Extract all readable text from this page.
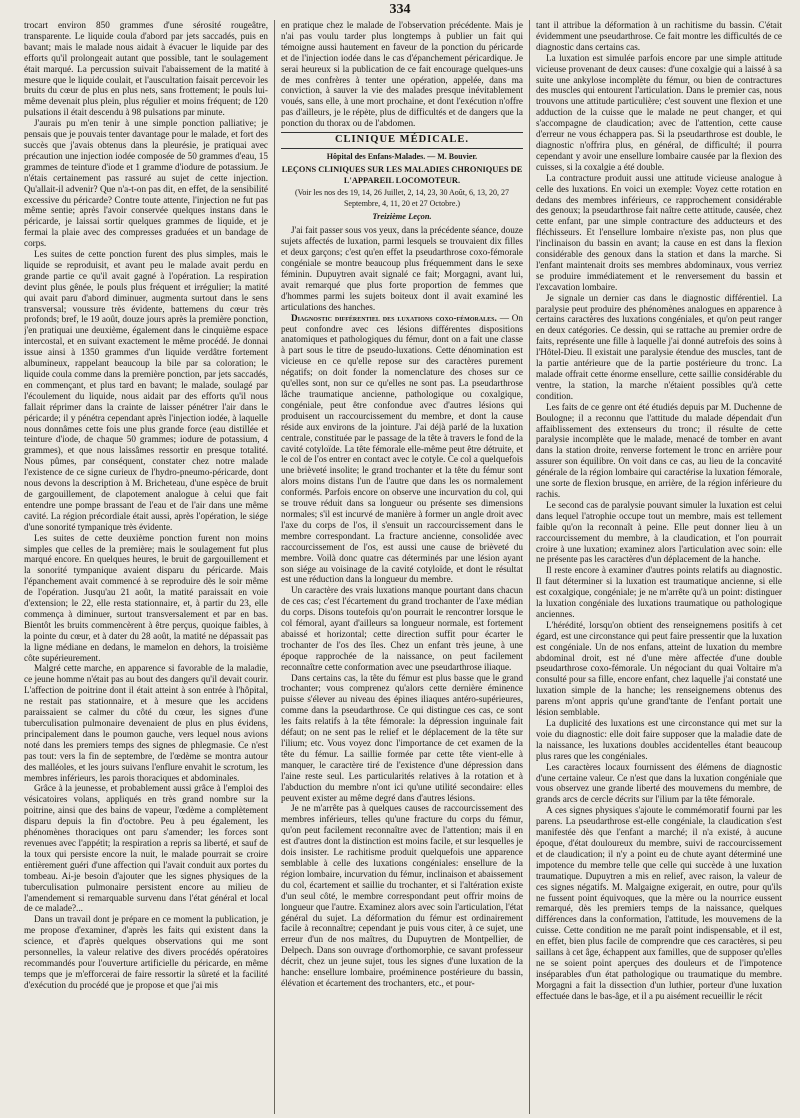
334

trocart environ 850 grammes d'une sérosité rougeâtre, transparente. Le liquide coula d'abord par jets saccadés, puis en bavant; mais le malade nous aidait à évacuer le liquide par des efforts qu'il prolongeait autant que possible, tant le soulagement était marqué. La percussion suivait l'abaissement de la matité à mesure que le liquide coulait, et l'auscultation faisait percevoir les bruits du cœur de plus en plus nets, sans frottement; le pouls lui-même devenait plus plein, plus régulier et moins fréquent; de 120 pulsations il était descendu à 98 pulsations par minute.

J'aurais pu m'en tenir à une simple ponction palliative; je pensais que je pouvais tenter davantage pour le malade, et fort des succès que j'avais obtenus dans la pleurésie, je pratiquai avec précaution une injection iodée composée de 50 grammes d'eau, 15 grammes de teinture d'iode et 1 gramme d'iodure de potassium. Je n'étais certainement pas rassuré au sujet de cette injection. Qu'allait-il advenir? Que n'a-t-on pas dit, en effet, de la sensibilité excessive du péricarde? Contre toute attente, l'injection ne fut pas même sentie; après l'avoir conservée quelques instans dans le péricarde, je laissai sortir quelques grammes de liquide, et je fermai la plaie avec des compresses graduées et un bandage de corps.

Les suites de cette ponction furent des plus simples, mais le liquide se reproduisit, et avant peu le malade avait perdu en grande partie ce qu'il avait gagné à l'opération. La respiration devint plus gênée, le pouls plus fréquent et irrégulier; la matité qui avait paru d'abord diminuer, augmenta surtout dans le sens transversal; voussure très évidente, battemens du cœur très profonds; bref, le 19 août, douze jours après la première ponction, j'en pratiquai une deuxième, également dans le cinquième espace intercostal, et en suivant exactement le même procédé. Je donnai issue ainsi à 1350 grammes d'un liquide verdâtre fortement albumineux, rappelant beaucoup la bile par sa coloration; le liquide coula comme dans la première ponction, par jets saccadés, en commençant, et plus tard en bavant; le malade, soulagé par l'écoulement du liquide, nous aidait par des efforts qu'il nous fallait réprimer dans la crainte de laisser pénétrer l'air dans le péricarde; il y pénétra cependant après l'injection iodée, à laquelle nous donnâmes cette fois une plus grande force (eau distillée et teinture d'iode, de chaque 50 grammes; iodure de potassium, 4 grammes), et que nous laissâmes ressortir en presque totalité. Nous pûmes, par conséquent, constater chez notre malade l'existence de ce signe curieux de l'hydro-pneumo-péricarde, dont nous devons la description à M. Bricheteau, d'une espèce de bruit de gargouillement, de clapotement analogue à celui que fait entendre une pompe brassant de l'eau et de l'air dans une même cavité. La région précordiale était aussi, après l'opération, le siége d'une sonorité tympanique très évidente.

Les suites de cette deuxième ponction furent non moins simples que celles de la première; mais le soulagement fut plus marqué encore. En quelques heures, le bruit de gargouillement et la sonorité tympanique avaient disparu du péricarde. Mais l'épanchement avait commencé à se reproduire dès le soir même de l'opération. Jusqu'au 21 août, la matité paraissait en voie d'extension; le 22, elle resta stationnaire, et, à partir du 23, elle commença à diminuer, surtout transversalement et par en bas. Bientôt les bruits commencèrent à être perçus, quoique faibles, à la pointe du cœur, et à dater du 28 août, la matité ne dépassait pas la ligne médiane en dedans, le mamelon en dehors, la troisième côte supérieurement.

Malgré cette marche, en apparence si favorable de la maladie, ce jeune homme n'était pas au bout des dangers qu'il devait courir. L'affection de poitrine dont il était atteint à son entrée à l'hôpital, ne restait pas stationnaire, et à mesure que les accidens paraissaient se calmer du côté du cœur, les signes d'une tuberculisation pulmonaire devenaient de plus en plus évidens, principalement dans le poumon gauche, vers lequel nous avions noté dans les premiers temps des signes de phlegmasie. Ce n'est pas tout: vers la fin de septembre, de l'œdème se montra autour des malléoles, et les jours suivans l'enflure envahit le scrotum, les membres inférieurs, les parois thoraciques et abdominales.

Grâce à la jeunesse, et probablement aussi grâce à l'emploi des vésicatoires volans, appliqués en très grand nombre sur la poitrine, ainsi que des bains de vapeur, l'œdème a complètement disparu depuis la fin d'octobre. Peu à peu également, les phénomènes thoraciques ont paru s'amender; les forces sont revenues avec l'appétit; la respiration a repris sa liberté, et sauf de la toux qui persiste encore la nuit, le malade pourrait se croire entièrement guéri d'une affection qui l'avait conduit aux portes du tombeau. Ai-je besoin d'ajouter que les signes physiques de la tuberculisation pulmonaire persistent encore au milieu de l'amendement si remarquable survenu dans l'état général et local de ce malade?...

Dans un travail dont je prépare en ce moment la publication, je me propose d'examiner, d'après les faits qui existent dans la science, et d'après quelques observations qui me sont personnelles, la valeur relative des divers procédés opératoires recommandés pour l'ouverture artificielle du péricarde, en même temps que je m'efforcerai de faire ressortir la sûreté et la facilité d'exécution du procédé que je propose et que j'ai mis

en pratique chez le malade de l'observation précédente. Mais je n'ai pas voulu tarder plus longtemps à publier un fait qui témoigne aussi hautement en faveur de la ponction du péricarde et de l'injection iodée dans le cas d'épanchement péricardique. Je serai heureux si la publication de ce fait encourage quelques-uns de mes confrères à tenter une opération, appelée, dans ma conviction, à sauver la vie des malades presque inévitablement voués, sans elle, à une mort prochaine, et dont l'exécution n'offre pas d'ailleurs, je le répète, plus de difficultés et de dangers que la ponction du thorax ou de l'abdomen.

CLINIQUE MÉDICALE.
Hôpital des Enfans-Malades. — M. Bouvier.
LEÇONS CLINIQUES SUR LES MALADIES CHRONIQUES DE L'APPAREIL LOCOMOTEUR.
(Voir les nos des 19, 14, 26 Juillet, 2, 14, 23, 30 Août, 6, 13, 20, 27 Septembre, 4, 11, 20 et 27 Octobre.)
Treizième Leçon.

J'ai fait passer sous vos yeux, dans la précédente séance, douze sujets affectés de luxation, parmi lesquels se trouvaient dix filles et deux garçons; c'est qu'en effet la pseudarthrose coxo-fémorale congéniale se montre beaucoup plus fréquemment dans le sexe féminin. Dupuytren avait signalé ce fait; Morgagni, avant lui, avait remarqué que plus forte proportion de femmes que d'hommes parmi les sujets boiteux dont il avait examiné les articulations des hanches.

Diagnostic différentiel des luxations coxo-fémorales. — On peut confondre avec ces lésions différentes dispositions anatomiques et pathologiques du fémur, dont on a fait une classe à part sous le titre de pseudo-luxations. Cette dénomination est vicieuse en ce qu'elle repose sur des caractères purement négatifs; on doit fonder la nomenclature des choses sur ce qu'elles sont, non sur ce qu'elles ne sont pas. La pseudarthrose lâche traumatique ancienne, pathologique ou coxalgique, congéniale, peut être confondue avec d'autres lésions qui produisent un raccourcissement du membre, et dont la cause réside aux environs de la jointure. J'ai déjà parlé de la luxation centrale, constituée par le passage de la tête à travers le fond de la cavité cotyloïde. La tête fémorale elle-même peut être détruite, et le col de l'os entrer en contact avec le cotyle. Ce col a quelquefois une brièveté insolite; le grand trochanter et la tête du fémur sont alors moins distans l'un de l'autre que dans les os normalement conformés. Parfois encore on observe une incurvation du col, qui se trouve réduit dans sa longueur ou présente ses dimensions normales; s'il est incurvé de manière à former un angle droit avec l'axe du corps de l'os, il s'ensuit un raccourcissement dans le membre correspondant. La fracture ancienne, consolidée avec raccourcissement de l'os, est aussi une cause de brièveté du membre. Voilà donc quatre cas déterminés par une lésion ayant son siége au voisinage de la cavité cotyloïde, et dont le résultat est une réduction dans la longueur du membre.

Un caractère des vrais luxations manque pourtant dans chacun de ces cas; c'est l'écartement du grand trochanter de l'axe médian du corps. Disons toutefois qu'on pourrait le rencontrer lorsque le col fémoral, ayant d'ailleurs sa longueur normale, est fortement abaissé et horizontal; cette direction suffit pour écarter le trochanter de l'os des îles. Chez un enfant très jeune, à une époque rapprochée de la naissance, on peut facilement reconnaître cette conformation avec une pseudarthrose iliaque.

Dans certains cas, la tête du fémur est plus basse que le grand trochanter; vous comprenez qu'alors cette dernière éminence puisse s'élever au niveau des épines iliaques antéro-supérieures, comme dans la pseudarthrose. Ce qui distingue ces cas, ce sont les faits relatifs à la tête fémorale: la dépression inguinale fait défaut; on ne sent pas le relief et le déplacement de la tête sur l'ilium; etc. Vous voyez donc l'importance de cet examen de la tête du fémur. La saillie formée par cette tête vient-elle à manquer, le caractère tiré de l'existence d'une dépression dans l'aine reste seul. Les particularités relatives à la rotation et à l'abduction du membre n'ont ici qu'une utilité secondaire: elles peuvent exister au même degré dans d'autres lésions.

Je ne m'arrête pas à quelques causes de raccourcissement des membres inférieurs, telles qu'une fracture du corps du fémur, qu'on peut facilement reconnaître avec de l'attention; mais il en est d'autres dont la distinction est moins facile, et sur lesquelles je dois insister. Le rachitisme produit quelquefois une apparence semblable à celle des luxations congéniales: ensellure de la région lombaire, incurvation du fémur, inclinaison et abaissement du col, écartement et saillie du trochanter, et si l'altération existe d'un seul côté, le membre correspondant peut offrir moins de longueur que l'autre. Examinez alors avec soin l'articulation, l'état général du sujet. La déformation du fémur est ordinairement facile à reconnaître; cependant je puis vous citer, à ce sujet, une erreur d'un de nos maîtres, du Dupuytren de Montpellier, de Delpech. Dans son ouvrage d'orthomorphie, ce savant professeur décrit, chez un jeune sujet, tous les signes d'une luxation de la hanche: ensellure lombaire, proéminence postérieure du bassin, élévation et écartement des trochanters, etc., et pour-

tant il attribue la déformation à un rachitisme du bassin. C'était évidemment une pseudarthrose. Ce fait montre les difficultés de ce diagnostic dans certains cas.

La luxation est simulée parfois encore par une simple attitude vicieuse provenant de deux causes: d'une coxalgie qui a laissé à sa suite une ankylose incomplète du fémur, ou bien de contractures des muscles qui entourent l'articulation. Dans le premier cas, nous trouvons une attitude particulière; c'est souvent une flexion et une adduction de la cuisse que le malade ne peut changer, et qui s'accompagne de claudication; avec de l'attention, cette cause d'erreur ne vous échappera pas. Si la pseudarthrose est double, le diagnostic n'offrira plus, en général, de difficulté; il pourra cependant y avoir une ensellure lombaire causée par la flexion des cuisses, si la coxalgie a été double.

La contracture produit aussi une attitude vicieuse analogue à celle des luxations. En voici un exemple: Voyez cette rotation en dedans des membres inférieurs, ce rapprochement considérable des genoux; la pseudarthrose fait naître cette attitude, causée, chez cette enfant, par une simple contracture des adducteurs et des fléchisseurs. Et l'ensellure lombaire n'existe pas, non plus que l'inclinaison du bassin en avant; la cause en est dans la flexion considérable des genoux dans la station et dans la marche. Si l'enfant maintenait droits ses membres abdominaux, vous verriez se produire immédiatement et le renversement du bassin et l'excavation lombaire.

Je signale un dernier cas dans le diagnostic différentiel. La paralysie peut produire des phénomènes analogues en apparence à certains caractères des luxations congéniales, et qu'on peut ranger en deux catégories. Ce dessin, qui se rattache au premier ordre de faits, représente une fille à laquelle j'ai donné autrefois des soins à l'Hôtel-Dieu. Il existait une paralysie étendue des muscles, tant de la partie antérieure que de la partie postérieure du tronc. La malade offrait cette énorme ensellure, cette saillie considérable du ventre, la station, la marche n'étaient possibles qu'à cette condition.

Les faits de ce genre ont été étudiés depuis par M. Duchenne de Boulogne; il a reconnu que l'attitude du malade dépendait d'un affaiblissement des extenseurs du tronc; il résulte de cette paralysie incomplète que le malade, menacé de tomber en avant dans la station droite, renverse fortement le tronc en arrière pour assurer son équilibre. On voit dans ce cas, au lieu de la concavité générale de la région lombaire qui caractérise la luxation fémorale, une sorte de flexion brusque, en arrière, de la région inférieure du rachis.

Le second cas de paralysie pouvant simuler la luxation est celui dans lequel l'atrophie occupe tout un membre, mais est tellement faible qu'on la reconnaît à peine. Elle peut donner lieu à un raccourcissement du membre, à la claudication, et l'on pourrait croire à une luxation; examinez alors l'articulation avec soin: elle ne présente pas les caractères d'un déplacement de la hanche.

Il reste encore à examiner d'autres points relatifs au diagnostic. Il faut déterminer si la luxation est traumatique ancienne, si elle est coxalgique, congéniale; je ne m'arrête qu'à un point: distinguer la luxation congéniale des luxations traumatique ou pathologique anciennes.

L'hérédité, lorsqu'on obtient des renseignemens positifs à cet égard, est une circonstance qui peut faire pressentir que la luxation est congéniale. Un de nos enfans, atteint de luxation du membre abdominal droit, est né d'une mère affectée d'une double pseudarthrose coxo-fémorale. Un négociant du quai Voltaire m'a consulté pour sa fille, encore enfant, chez laquelle j'ai constaté une luxation simple de la hanche; les renseignemens obtenus des parens m'ont appris qu'une grand'tante de l'enfant portait une lésion semblable.

La duplicité des luxations est une circonstance qui met sur la voie du diagnostic: elle doit faire supposer que la maladie date de la naissance, les luxations doubles accidentelles étant beaucoup plus rares que les congéniales.

Les caractères locaux fournissent des élémens de diagnostic d'une certaine valeur. Ce n'est que dans la luxation congéniale que vous observez une grande liberté des mouvemens du membre, de grands arcs de cercle décrits sur l'ilium par la tête fémorale.

A ces signes physiques s'ajoute le commémoratif fourni par les parens. La pseudarthrose est-elle congéniale, la claudication s'est manifestée dès que l'enfant a marché; il n'a existé, à aucune époque, d'état douloureux du membre, suivi de raccourcissement et de claudication; il n'y a point eu de chute ayant déterminé une impotence du membre telle que celle qui succède à une luxation traumatique. Dupuytren a mis en relief, avec raison, la valeur de ces signes négatifs. M. Malgaigne exigerait, en outre, pour qu'ils ne fussent point équivoques, que la mère ou la nourrice eussent remarqué, dès les premiers temps de la naissance, quelques différences dans la conformation, l'attitude, les mouvemens de la cuisse. Cette condition ne me paraît point indispensable, et il est, en effet, bien plus facile de comprendre que ces caractères, si peu saillans à cet âge, échappent aux familles, que de supposer qu'elles ne se soient point aperçues des douleurs et de l'impotence inséparables d'un état pathologique ou traumatique du membre. Morgagni a fait la dissection d'un luthier, porteur d'une luxation effectuée dans le bas-âge, et il a pu aisément recueillir le récit
